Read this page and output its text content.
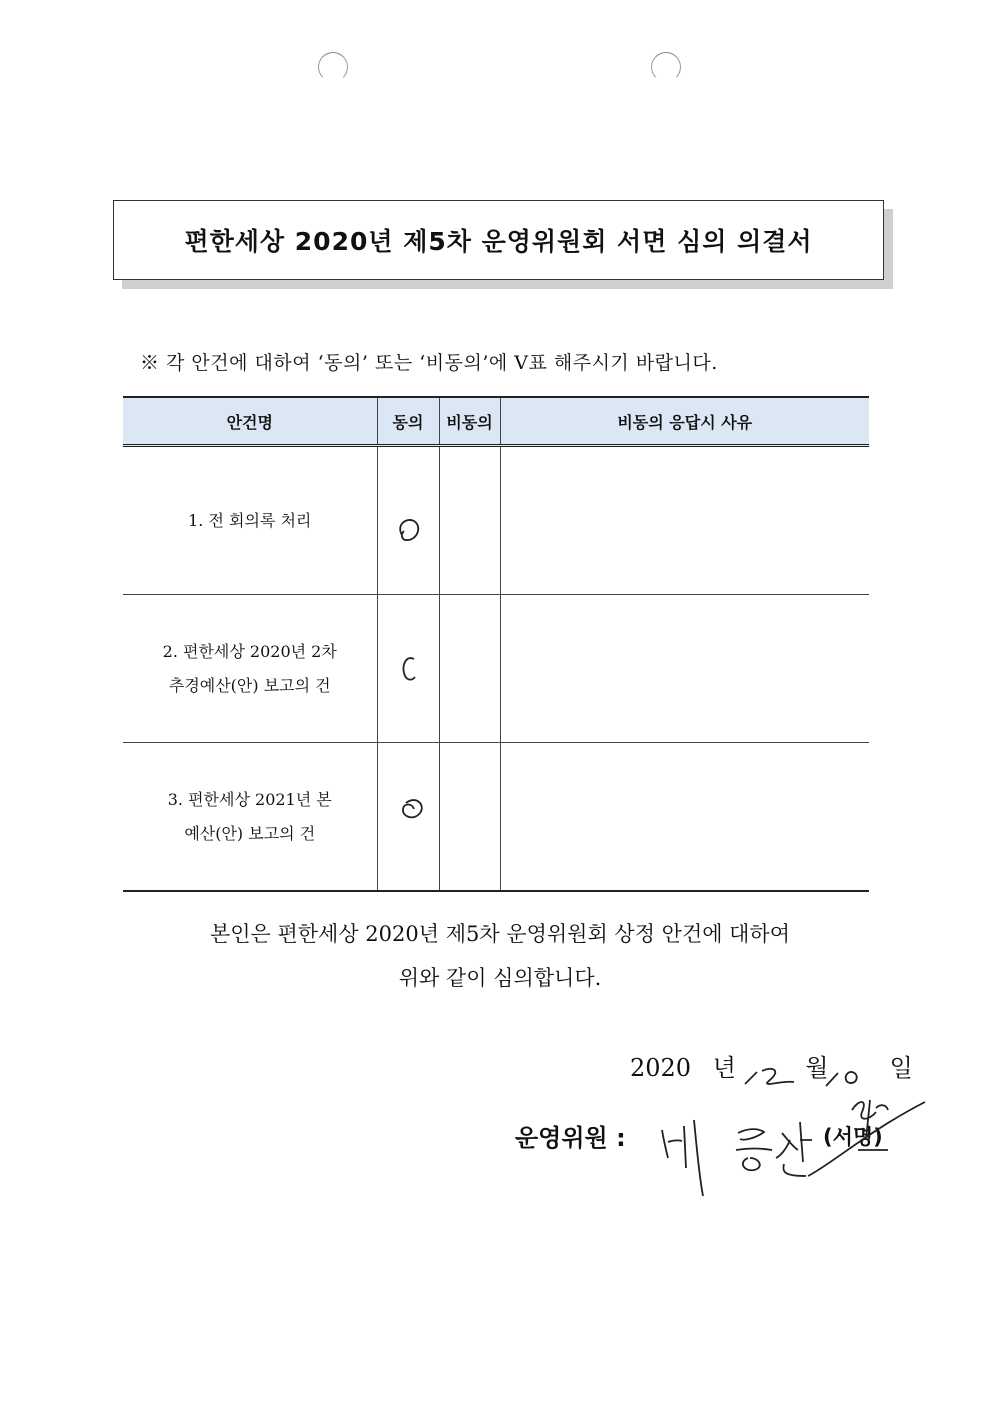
편한세상 2020년 제5차 운영위원회 서면 심의 의결서
※ 각 안건에 대하여 ‘동의’ 또는 ‘비동의’에 V표 해주시기 바랍니다.
안건명	동의	비동의	비동의 응답시 사유

1. 전 회의록 처리

2. 편한세상 2020년 2차
추경예산(안) 보고의 건

3. 편한세상 2021년 본
예산(안) 보고의 건

본인은 편한세상 2020년 제5차 운영위원회 상정 안건에 대하여
위와 같이 심의합니다.
2020 년	월	일
운영위원 :	(서명)
